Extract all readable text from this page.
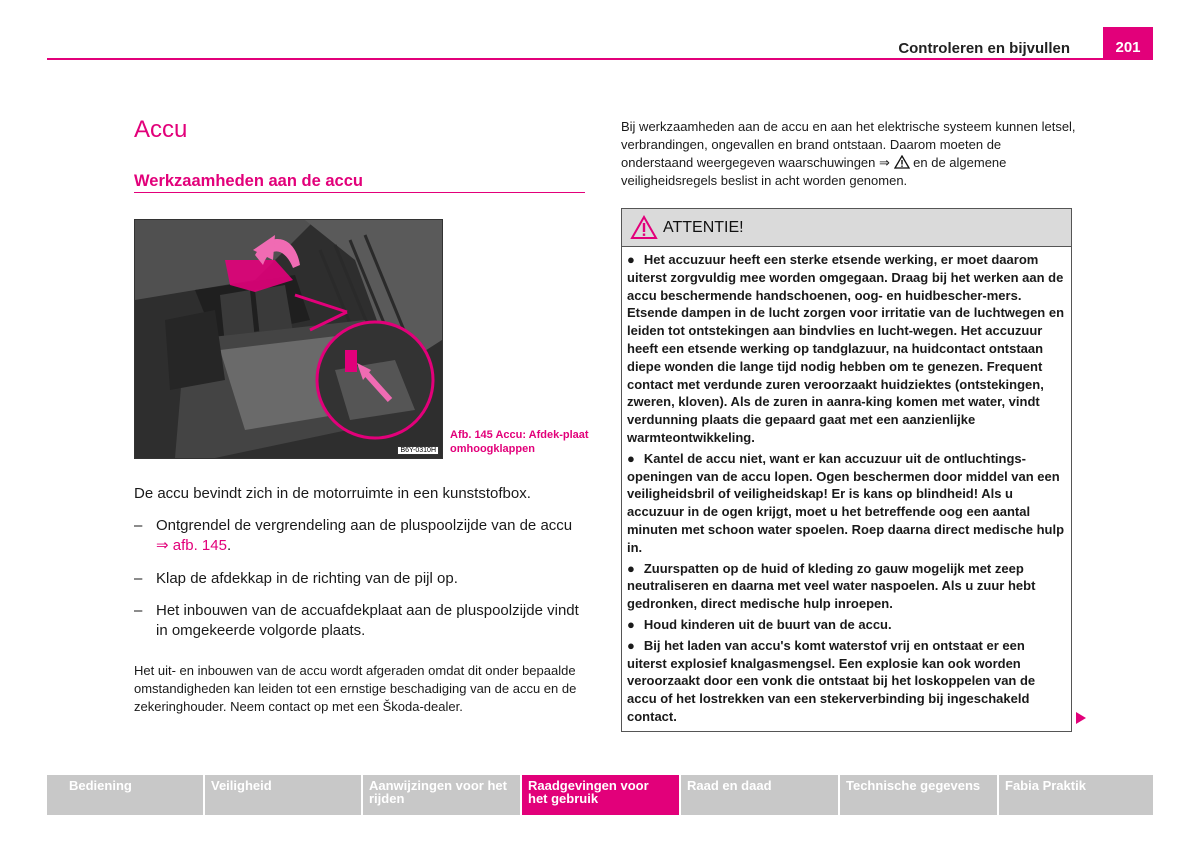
Controleren en bijvullen	201
Accu
Werkzaamheden aan de accu
B6Y-0310H
Afb. 145 Accu: Afdek-plaat omhoogklappen
De accu bevindt zich in de motorruimte in een kunststofbox.
– Ontgrendel de vergrendeling aan de pluspoolzijde van de accu ⇒ afb. 145.
– Klap de afdekkap in de richting van de pijl op.
– Het inbouwen van de accuafdekplaat aan de pluspoolzijde vindt in omgekeerde volgorde plaats.
Het uit- en inbouwen van de accu wordt afgeraden omdat dit onder bepaalde omstandigheden kan leiden tot een ernstige beschadiging van de accu en de zekeringhouder. Neem contact op met een Škoda-dealer.
Bij werkzaamheden aan de accu en aan het elektrische systeem kunnen letsel, verbrandingen, ongevallen en brand ontstaan. Daarom moeten de onderstaand weergegeven waarschuwingen ⇒  en de algemene veiligheidsregels beslist in acht worden genomen.
ATTENTIE!
● Het accuzuur heeft een sterke etsende werking, er moet daarom uiterst zorgvuldig mee worden omgegaan. Draag bij het werken aan de accu beschermende handschoenen, oog- en huidbescher-mers. Etsende dampen in de lucht zorgen voor irritatie van de luchtwegen en leiden tot ontstekingen aan bindvlies en lucht-wegen. Het accuzuur heeft een etsende werking op tandglazuur, na huidcontact ontstaan diepe wonden die lange tijd nodig hebben om te genezen. Frequent contact met verdunde zuren veroorzaakt huidziektes (ontstekingen, zweren, kloven). Als de zuren in aanra-king komen met water, vindt verdunning plaats die gepaard gaat met een aanzienlijke warmteontwikkeling.
● Kantel de accu niet, want er kan accuzuur uit de ontluchtings-openingen van de accu lopen. Ogen beschermen door middel van een veiligheidsbril of veiligheidskap! Er is kans op blindheid! Als u accuzuur in de ogen krijgt, moet u het betreffende oog een aantal minuten met schoon water spoelen. Roep daarna direct medische hulp in.
● Zuurspatten op de huid of kleding zo gauw mogelijk met zeep neutraliseren en daarna met veel water naspoelen. Als u zuur hebt gedronken, direct medische hulp inroepen.
● Houd kinderen uit de buurt van de accu.
● Bij het laden van accu's komt waterstof vrij en ontstaat er een uiterst explosief knalgasmengsel. Een explosie kan ook worden veroorzaakt door een vonk die ontstaat bij het loskoppelen van de accu of het lostrekken van een stekerverbinding bij ingeschakeld contact.
Bediening	Veiligheid	Aanwijzingen voor het rijden
Raadgevingen voor het gebruik
Raad en daad	Technische gegevens	Fabia Praktik
